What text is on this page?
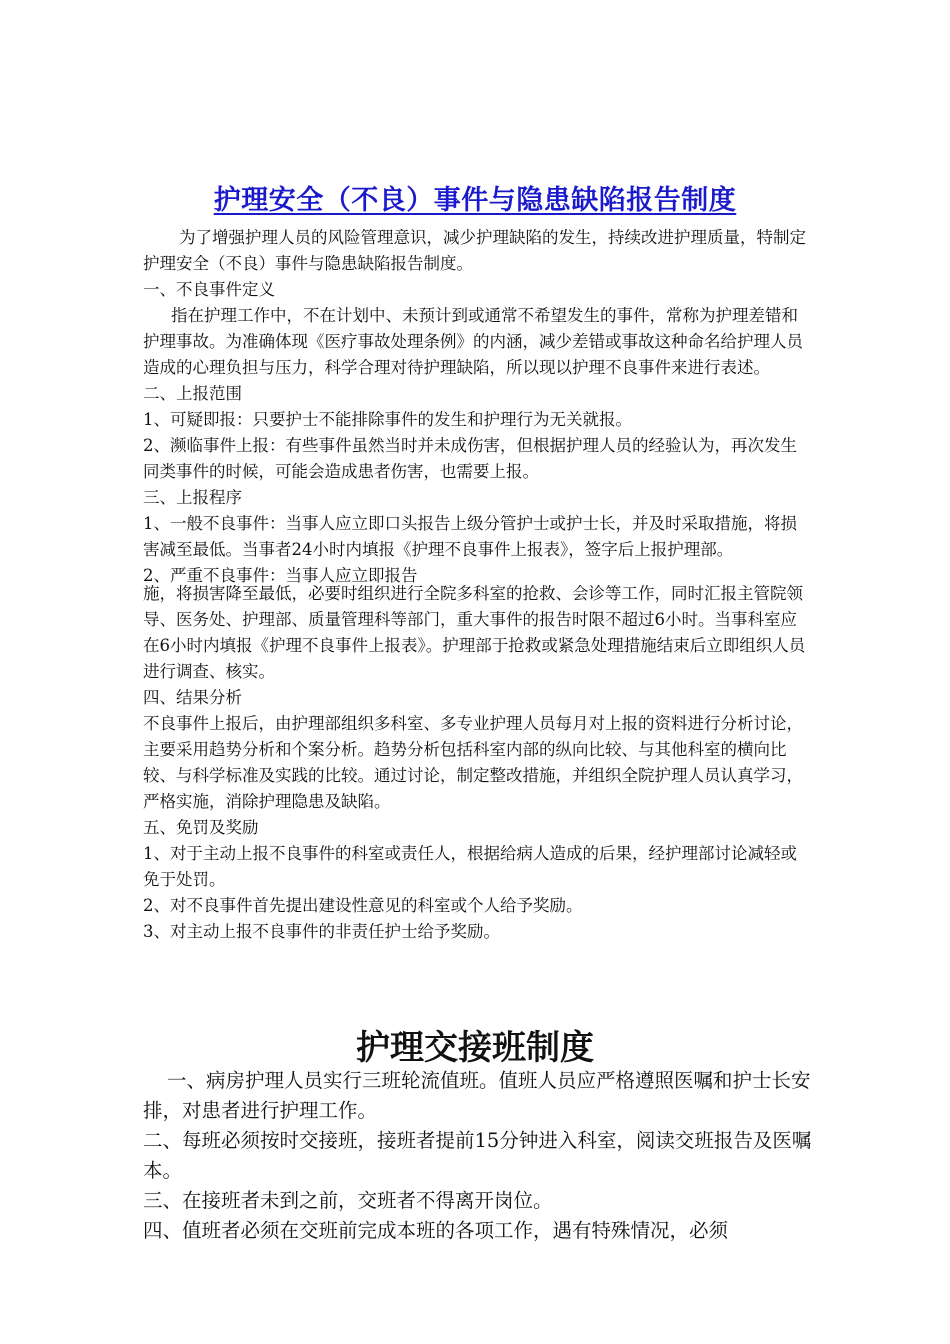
护理安全（不良）事件与隐患缺陷报告制度

为了增强护理人员的风险管理意识，减少护理缺陷的发生，持续改进护理质量，特制定护理安全（不良）事件与隐患缺陷报告制度。

一、不良事件定义

指在护理工作中，不在计划中、未预计到或通常不希望发生的事件，常称为护理差错和护理事故。为准确体现《医疗事故处理条例》的内涵，减少差错或事故这种命名给护理人员造成的心理负担与压力，科学合理对待护理缺陷，所以现以护理不良事件来进行表述。

二、上报范围

1、可疑即报：只要护士不能排除事件的发生和护理行为无关就报。

2、濒临事件上报：有些事件虽然当时并未成伤害，但根据护理人员的经验认为，再次发生同类事件的时候，可能会造成患者伤害，也需要上报。

三、上报程序

1、一般不良事件：当事人应立即口头报告上级分管护士或护士长，并及时采取措施，将损害减至最低。当事者24小时内填报《护理不良事件上报表》，签字后上报护理部。

2、严重不良事件：当事人应立即报告

施，将损害降至最低，必要时组织进行全院多科室的抢救、会诊等工作，同时汇报主管院领导、医务处、护理部、质量管理科等部门，重大事件的报告时限不超过6小时。当事科室应在6小时内填报《护理不良事件上报表》。护理部于抢救或紧急处理措施结束后立即组织人员进行调查、核实。

四、结果分析

不良事件上报后，由护理部组织多科室、多专业护理人员每月对上报的资料进行分析讨论，主要采用趋势分析和个案分析。趋势分析包括科室内部的纵向比较、与其他科室的横向比较、与科学标准及实践的比较。通过讨论，制定整改措施，并组织全院护理人员认真学习，严格实施，消除护理隐患及缺陷。

五、免罚及奖励

1、对于主动上报不良事件的科室或责任人，根据给病人造成的后果，经护理部讨论减轻或免于处罚。

2、对不良事件首先提出建设性意见的科室或个人给予奖励。

3、对主动上报不良事件的非责任护士给予奖励。

护理交接班制度

一、病房护理人员实行三班轮流值班。值班人员应严格遵照医嘱和护士长安排，对患者进行护理工作。

二、每班必须按时交接班，接班者提前15分钟进入科室，阅读交班报告及医嘱本。

三、在接班者未到之前，交班者不得离开岗位。

四、值班者必须在交班前完成本班的各项工作，遇有特殊情况，必须
